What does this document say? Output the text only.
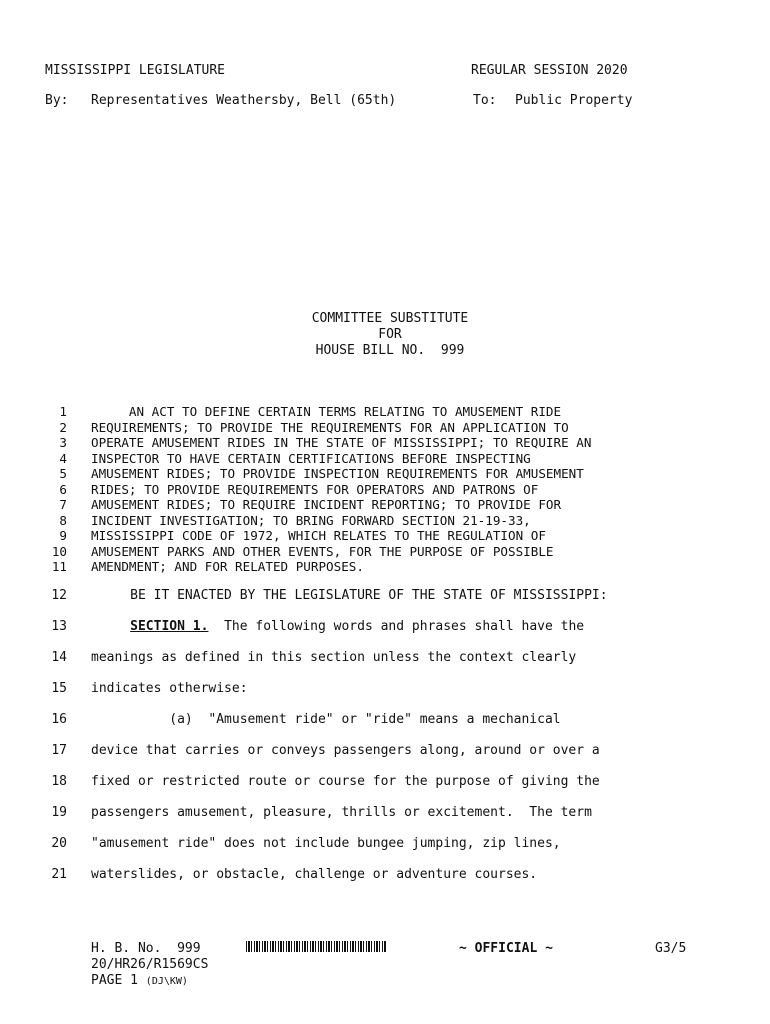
MISSISSIPPI LEGISLATURE	REGULAR SESSION 2020
By: Representatives Weathersby, Bell (65th)	To: Public Property
COMMITTEE SUBSTITUTE
FOR
HOUSE BILL NO.  999
1 AN ACT TO DEFINE CERTAIN TERMS RELATING TO AMUSEMENT RIDE
2 REQUIREMENTS; TO PROVIDE THE REQUIREMENTS FOR AN APPLICATION TO
3 OPERATE AMUSEMENT RIDES IN THE STATE OF MISSISSIPPI; TO REQUIRE AN
4 INSPECTOR TO HAVE CERTAIN CERTIFICATIONS BEFORE INSPECTING
5 AMUSEMENT RIDES; TO PROVIDE INSPECTION REQUIREMENTS FOR AMUSEMENT
6 RIDES; TO PROVIDE REQUIREMENTS FOR OPERATORS AND PATRONS OF
7 AMUSEMENT RIDES; TO REQUIRE INCIDENT REPORTING; TO PROVIDE FOR
8 INCIDENT INVESTIGATION; TO BRING FORWARD SECTION 21-19-33,
9 MISSISSIPPI CODE OF 1972, WHICH RELATES TO THE REGULATION OF
10 AMUSEMENT PARKS AND OTHER EVENTS, FOR THE PURPOSE OF POSSIBLE
11 AMENDMENT; AND FOR RELATED PURPOSES.
12 BE IT ENACTED BY THE LEGISLATURE OF THE STATE OF MISSISSIPPI:
13	SECTION 1.  The following words and phrases shall have the
14 meanings as defined in this section unless the context clearly
15 indicates otherwise:
16 (a)  "Amusement ride" or "ride" means a mechanical
17 device that carries or conveys passengers along, around or over a
18 fixed or restricted route or course for the purpose of giving the
19 passengers amusement, pleasure, thrills or excitement.  The term
20 "amusement ride" does not include bungee jumping, zip lines,
21 waterslides, or obstacle, challenge or adventure courses.
H. B. No.  999	~ OFFICIAL ~	G3/5
20/HR26/R1569CS
PAGE 1 (DJ\KW)
